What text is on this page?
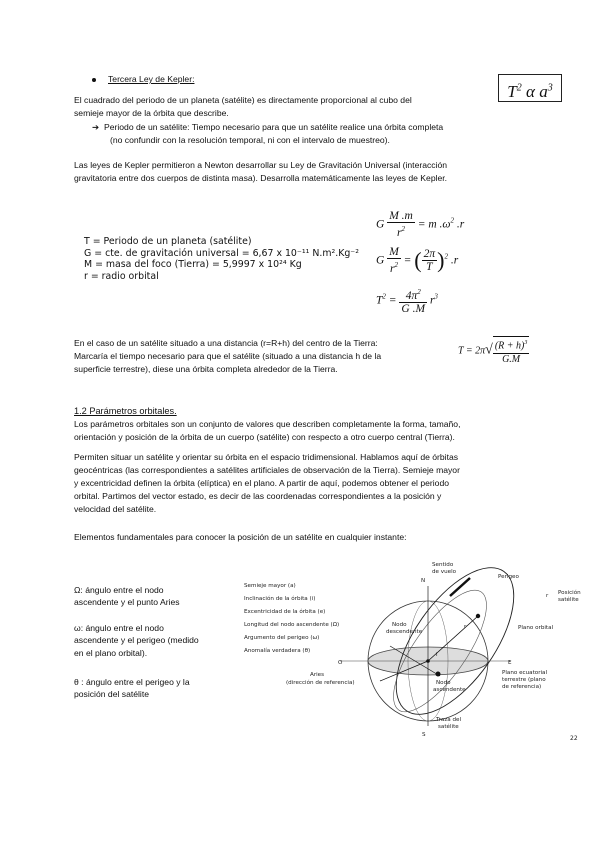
Tercera Ley de Kepler:
$T^2$ α $a^3$

El cuadrado del periodo de un planeta (satélite) es directamente proporcional al cubo del

semieje mayor de la órbita que describe.

➔ Periodo de un satélite: Tiempo necesario para que un satélite realice una órbita completa

(no confundir con la resolución temporal, ni con el intervalo de muestreo).

Las leyes de Kepler permitieron a Newton desarrollar su Ley de Gravitación Universal (interacción

gravitatoria entre dos cuerpos de distinta masa). Desarrolla matemáticamente las leyes de Kepler.

T = Periodo de un planeta (satélite)
G = cte. de gravitación universal = 6,67 x 10⁻¹¹ N.m².Kg⁻²
M = masa del foco (Tierra) = 5,9997 x 10²⁴ Kg
r = radio orbital
G $\frac{M .m}{r^2} = m$ $.\omega^2$ .r
G $\frac{M}{r^2}$ = ( $\frac{2\pi}{T} )^2$ .r
$T^2 = \frac{4\pi^2}{G .M} r^3$

En el caso de un satélite situado a una distancia (r=R+h) del centro de la Tierra:

Marcaría el tiempo necesario para que el satélite (situado a una distancia h de la

superficie terrestre), diese una órbita completa alrededor de la Tierra.

$T = 2\pi√ \frac{(R + h)^3}{G.M}$

1.2 Parámetros orbitales.

Los parámetros orbitales son un conjunto de valores que describen completamente la forma, tamaño,

orientación y posición de la órbita de un cuerpo (satélite) con respecto a otro cuerpo central (Tierra).

Permiten situar un satélite y orientar su órbita en el espacio tridimensional. Hablamos aquí de órbitas

geocéntricas (las correspondientes a satélites artificiales de observación de la Tierra). Semieje mayor

y excentricidad definen la órbita (elíptica) en el plano. A partir de aquí, podemos obtener el periodo

orbital. Partimos del vector estado, es decir de las coordenadas correspondientes a la posición y

velocidad del satélite.

Elementos fundamentales para conocer la posición de un satélite en cualquier instante:

Ω: ángulo entre el nodo
ascendente y el punto Aries
ω: ángulo entre el nodo
ascendente y el perigeo (medido
en el plano orbital).
θ : ángulo entre el perigeo y la
posición del satélite
Semieje mayor (a)
Inclinación de la órbita (i)
Excentricidad de la órbita (e)
Longitud del nodo ascendente (Ω)
Argumento del perigeo (ω)
Anomalía verdadera (θ)
Sentido
de vuelo
N
Perigeo
Posición
satélite
r
Plano orbital
Nodo
descendente
r
i
O	E
Aries
(dirección de referencia)	Nodo
ascendente
Plano ecuatorial
terrestre (plano
de referencia)
Traza del
satélite
S	22
